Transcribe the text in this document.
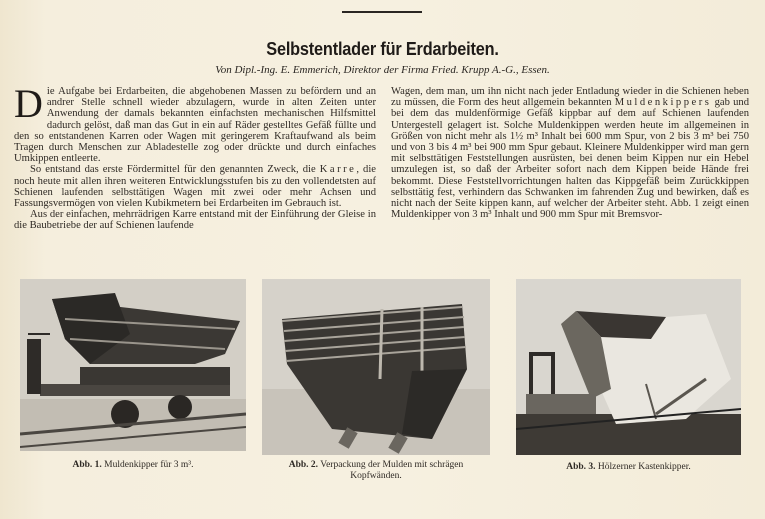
Selbstentlader für Erdarbeiten.
Von Dipl.-Ing. E. Emmerich, Direktor der Firma Fried. Krupp A.-G., Essen.

Die Aufgabe bei Erdarbeiten, die abgehobenen Massen zu befördern und an andrer Stelle schnell wieder abzulagern, wurde in alten Zeiten unter Anwendung der damals bekannten einfachsten mechanischen Hilfsmittel dadurch gelöst, daß man das Gut in ein auf Räder gestelltes Gefäß füllte und den so entstandenen Karren oder Wagen mit geringerem Kraftaufwand als beim Tragen durch Menschen zur Abladestelle zog oder drückte und durch einfaches Umkippen entleerte.

So entstand das erste Fördermittel für den genannten Zweck, die Karre, die noch heute mit allen ihren weiteren Entwicklungsstufen bis zu den vollendetsten auf Schienen laufenden selbsttätigen Wagen mit zwei oder mehr Achsen und Fassungsvermögen von vielen Kubikmetern bei Erdarbeiten im Gebrauch ist.

Aus der einfachen, mehrrädrigen Karre entstand mit der Einführung der Gleise in die Baubetriebe der auf Schienen laufende

Wagen, dem man, um ihn nicht nach jeder Entladung wieder in die Schienen heben zu müssen, die Form des heut allgemein bekannten Muldenkippers gab und bei dem das muldenförmige Gefäß kippbar auf dem auf Schienen laufenden Untergestell gelagert ist. Solche Muldenkippen werden heute im allgemeinen in Größen von nicht mehr als 1½ m³ Inhalt bei 600 mm Spur, von 2 bis 3 m³ bei 750 und von 3 bis 4 m³ bei 900 mm Spur gebaut. Kleinere Muldenkipper wird man gern mit selbsttätigen Feststellungen ausrüsten, bei denen beim Kippen nur ein Hebel umzulegen ist, so daß der Arbeiter sofort nach dem Kippen beide Hände frei bekommt. Diese Feststellvorrichtungen halten das Kippgefäß beim Zurückkippen selbsttätig fest, verhindern das Schwanken im fahrenden Zug und bewirken, daß es nicht nach der Seite kippen kann, auf welcher der Arbeiter steht. Abb. 1 zeigt einen Muldenkipper von 3 m³ Inhalt und 900 mm Spur mit Bremsvor-

Abb. 1. Muldenkipper für 3 m³.	Abb. 2. Verpackung der Mulden mit schrägen Kopfwänden.
Abb. 3. Hölzerner Kastenkipper.
